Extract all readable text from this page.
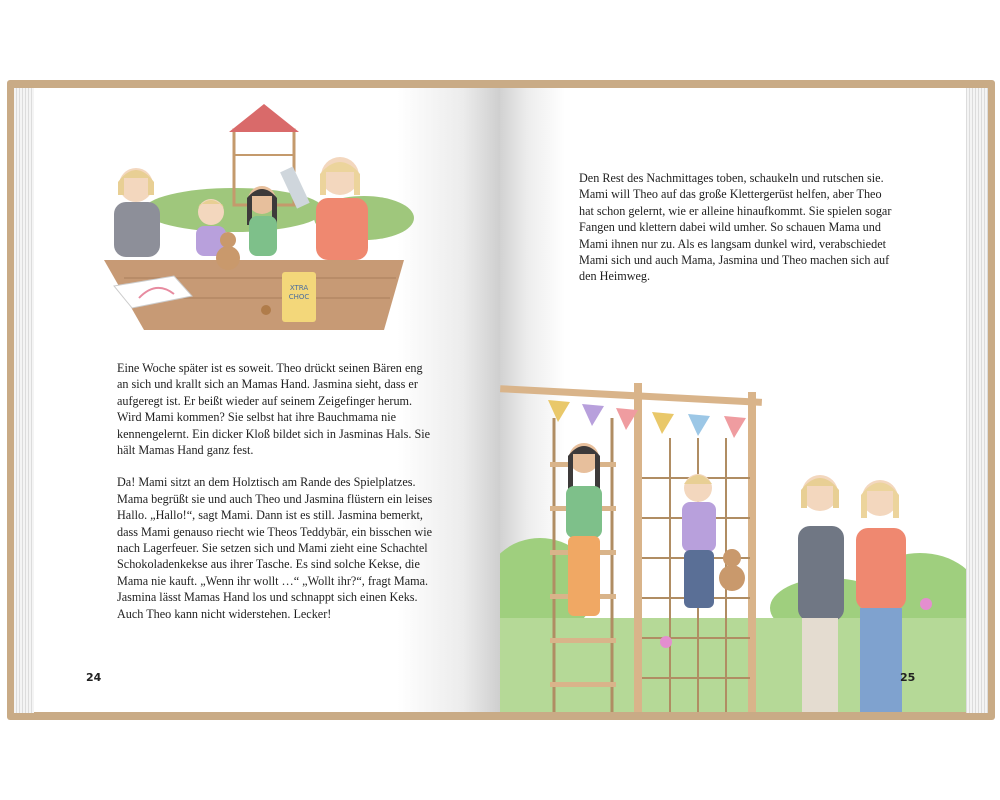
XTRA
CHOC

Eine Woche später ist es soweit. Theo drückt seinen Bären eng an sich und krallt sich an Mamas Hand. Jasmina sieht, dass er aufgeregt ist. Er beißt wieder auf seinem Zeigefinger herum. Wird Mami kommen? Sie selbst hat ihre Bauchmama nie kennengelernt. Ein dicker Kloß bildet sich in Jasminas Hals. Sie hält Mamas Hand ganz fest.

Da! Mami sitzt an dem Holztisch am Rande des Spielplatzes. Mama begrüßt sie und auch Theo und Jasmina flüstern ein leises Hallo. „Hallo!“, sagt Mami. Dann ist es still. Jasmina bemerkt, dass Mami genauso riecht wie Theos Teddybär, ein bisschen wie nach Lagerfeuer. Sie setzen sich und Mami zieht eine Schachtel Schokoladenkekse aus ihrer Tasche. Es sind solche Kekse, die Mama nie kauft. „Wenn ihr wollt …“ „Wollt ihr?“, fragt Mama. Jasmina lässt Mamas Hand los und schnappt sich einen Keks. Auch Theo kann nicht widerstehen. Lecker!

24

Den Rest des Nachmittages toben, schaukeln und rutschen sie. Mami will Theo auf das große Klettergerüst helfen, aber Theo hat schon gelernt, wie er alleine hinaufkommt. Sie spielen sogar Fangen und klettern dabei wild umher. So schauen Mama und Mami ihnen nur zu. Als es langsam dunkel wird, verabschiedet Mami sich und auch Mama, Jasmina und Theo machen sich auf den Heimweg.

25
